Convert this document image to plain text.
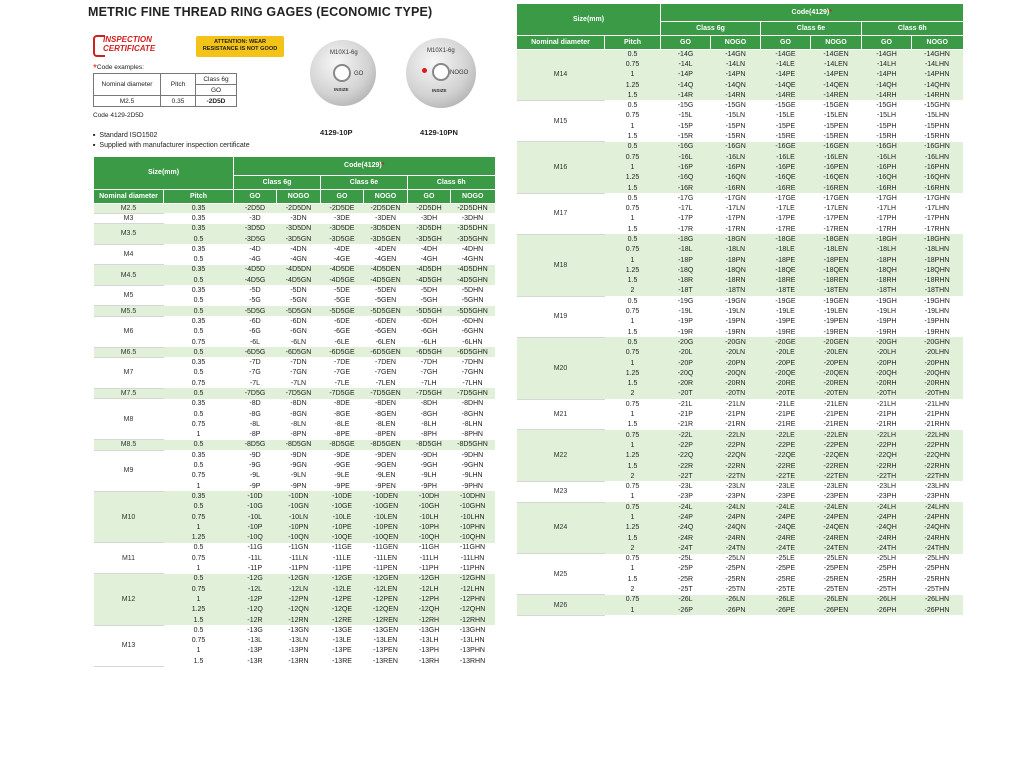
METRIC FINE THREAD RING GAGES (ECONOMIC TYPE)
INSPECTION
CERTIFICATE
ATTENTION: WEAR
RESISTANCE IS NOT GOOD
*Code examples:
Nominal diameter	Pitch	Class 6g
		GO
M2.5	0.35	-2D5D
Code 4129-2D5D
■ Standard ISO1502
■ Supplied with manufacturer inspection certificate
M10X1-6g
GO
INSIZE
4129-10P
M10X1-6g
NOGO
INSIZE
4129-10PN
Size(mm)		Code(4129)*					
		Class 6g		Class 6e		Class 6h	
Nominal diameter	Pitch	GO	NOGO	GO	NOGO	GO	NOGO
M2.5	0.35	-2D5D	-2D5DN	-2D5DE	-2D5DEN	-2D5DH	-2D5DHN
M3	0.35	-3D	-3DN	-3DE	-3DEN	-3DH	-3DHN
M3.5	0.35	-3D5D	-3D5DN	-3D5DE	-3D5DEN	-3D5DH	-3D5DHN
	0.5	-3D5G	-3D5GN	-3D5GE	-3D5GEN	-3D5GH	-3D5GHN
M4	0.35	-4D	-4DN	-4DE	-4DEN	-4DH	-4DHN
	0.5	-4G	-4GN	-4GE	-4GEN	-4GH	-4GHN
M4.5	0.35	-4D5D	-4D5DN	-4D5DE	-4D5DEN	-4D5DH	-4D5DHN
	0.5	-4D5G	-4D5GN	-4D5GE	-4D5GEN	-4D5GH	-4D5GHN
M5	0.35	-5D	-5DN	-5DE	-5DEN	-5DH	-5DHN
	0.5	-5G	-5GN	-5GE	-5GEN	-5GH	-5GHN
M5.5	0.5	-5D5G	-5D5GN	-5D5GE	-5D5GEN	-5D5GH	-5D5GHN
M6	0.35	-6D	-6DN	-6DE	-6DEN	-6DH	-6DHN
	0.5	-6G	-6GN	-6GE	-6GEN	-6GH	-6GHN
	0.75	-6L	-6LN	-6LE	-6LEN	-6LH	-6LHN
M6.5	0.5	-6D5G	-6D5GN	-6D5GE	-6D5GEN	-6D5GH	-6D5GHN
M7	0.35	-7D	-7DN	-7DE	-7DEN	-7DH	-7DHN
	0.5	-7G	-7GN	-7GE	-7GEN	-7GH	-7GHN
	0.75	-7L	-7LN	-7LE	-7LEN	-7LH	-7LHN
M7.5	0.5	-7D5G	-7D5GN	-7D5GE	-7D5GEN	-7D5GH	-7D5GHN
M8	0.35	-8D	-8DN	-8DE	-8DEN	-8DH	-8DHN
	0.5	-8G	-8GN	-8GE	-8GEN	-8GH	-8GHN
	0.75	-8L	-8LN	-8LE	-8LEN	-8LH	-8LHN
	1	-8P	-8PN	-8PE	-8PEN	-8PH	-8PHN
M8.5	0.5	-8D5G	-8D5GN	-8D5GE	-8D5GEN	-8D5GH	-8D5GHN
M9	0.35	-9D	-9DN	-9DE	-9DEN	-9DH	-9DHN
	0.5	-9G	-9GN	-9GE	-9GEN	-9GH	-9GHN
	0.75	-9L	-9LN	-9LE	-9LEN	-9LH	-9LHN
	1	-9P	-9PN	-9PE	-9PEN	-9PH	-9PHN
M10	0.35	-10D	-10DN	-10DE	-10DEN	-10DH	-10DHN
	0.5	-10G	-10GN	-10GE	-10GEN	-10GH	-10GHN
	0.75	-10L	-10LN	-10LE	-10LEN	-10LH	-10LHN
	1	-10P	-10PN	-10PE	-10PEN	-10PH	-10PHN
	1.25	-10Q	-10QN	-10QE	-10QEN	-10QH	-10QHN
M11	0.5	-11G	-11GN	-11GE	-11GEN	-11GH	-11GHN
	0.75	-11L	-11LN	-11LE	-11LEN	-11LH	-11LHN
	1	-11P	-11PN	-11PE	-11PEN	-11PH	-11PHN
M12	0.5	-12G	-12GN	-12GE	-12GEN	-12GH	-12GHN
	0.75	-12L	-12LN	-12LE	-12LEN	-12LH	-12LHN
	1	-12P	-12PN	-12PE	-12PEN	-12PH	-12PHN
	1.25	-12Q	-12QN	-12QE	-12QEN	-12QH	-12QHN
	1.5	-12R	-12RN	-12RE	-12REN	-12RH	-12RHN
M13	0.5	-13G	-13GN	-13GE	-13GEN	-13GH	-13GHN
	0.75	-13L	-13LN	-13LE	-13LEN	-13LH	-13LHN
	1	-13P	-13PN	-13PE	-13PEN	-13PH	-13PHN
	1.5	-13R	-13RN	-13RE	-13REN	-13RH	-13RHN
Size(mm)		Code(4129)*					
		Class 6g		Class 6e		Class 6h	
Nominal diameter	Pitch	GO	NOGO	GO	NOGO	GO	NOGO
M14	0.5	-14G	-14GN	-14GE	-14GEN	-14GH	-14GHN
	0.75	-14L	-14LN	-14LE	-14LEN	-14LH	-14LHN
	1	-14P	-14PN	-14PE	-14PEN	-14PH	-14PHN
	1.25	-14Q	-14QN	-14QE	-14QEN	-14QH	-14QHN
	1.5	-14R	-14RN	-14RE	-14REN	-14RH	-14RHN
M15	0.5	-15G	-15GN	-15GE	-15GEN	-15GH	-15GHN
	0.75	-15L	-15LN	-15LE	-15LEN	-15LH	-15LHN
	1	-15P	-15PN	-15PE	-15PEN	-15PH	-15PHN
	1.5	-15R	-15RN	-15RE	-15REN	-15RH	-15RHN
M16	0.5	-16G	-16GN	-16GE	-16GEN	-16GH	-16GHN
	0.75	-16L	-16LN	-16LE	-16LEN	-16LH	-16LHN
	1	-16P	-16PN	-16PE	-16PEN	-16PH	-16PHN
	1.25	-16Q	-16QN	-16QE	-16QEN	-16QH	-16QHN
	1.5	-16R	-16RN	-16RE	-16REN	-16RH	-16RHN
M17	0.5	-17G	-17GN	-17GE	-17GEN	-17GH	-17GHN
	0.75	-17L	-17LN	-17LE	-17LEN	-17LH	-17LHN
	1	-17P	-17PN	-17PE	-17PEN	-17PH	-17PHN
	1.5	-17R	-17RN	-17RE	-17REN	-17RH	-17RHN
M18	0.5	-18G	-18GN	-18GE	-18GEN	-18GH	-18GHN
	0.75	-18L	-18LN	-18LE	-18LEN	-18LH	-18LHN
	1	-18P	-18PN	-18PE	-18PEN	-18PH	-18PHN
	1.25	-18Q	-18QN	-18QE	-18QEN	-18QH	-18QHN
	1.5	-18R	-18RN	-18RE	-18REN	-18RH	-18RHN
	2	-18T	-18TN	-18TE	-18TEN	-18TH	-18THN
M19	0.5	-19G	-19GN	-19GE	-19GEN	-19GH	-19GHN
	0.75	-19L	-19LN	-19LE	-19LEN	-19LH	-19LHN
	1	-19P	-19PN	-19PE	-19PEN	-19PH	-19PHN
	1.5	-19R	-19RN	-19RE	-19REN	-19RH	-19RHN
M20	0.5	-20G	-20GN	-20GE	-20GEN	-20GH	-20GHN
	0.75	-20L	-20LN	-20LE	-20LEN	-20LH	-20LHN
	1	-20P	-20PN	-20PE	-20PEN	-20PH	-20PHN
	1.25	-20Q	-20QN	-20QE	-20QEN	-20QH	-20QHN
	1.5	-20R	-20RN	-20RE	-20REN	-20RH	-20RHN
	2	-20T	-20TN	-20TE	-20TEN	-20TH	-20THN
M21	0.75	-21L	-21LN	-21LE	-21LEN	-21LH	-21LHN
	1	-21P	-21PN	-21PE	-21PEN	-21PH	-21PHN
	1.5	-21R	-21RN	-21RE	-21REN	-21RH	-21RHN
M22	0.75	-22L	-22LN	-22LE	-22LEN	-22LH	-22LHN
	1	-22P	-22PN	-22PE	-22PEN	-22PH	-22PHN
	1.25	-22Q	-22QN	-22QE	-22QEN	-22QH	-22QHN
	1.5	-22R	-22RN	-22RE	-22REN	-22RH	-22RHN
	2	-22T	-22TN	-22TE	-22TEN	-22TH	-22THN
M23	0.75	-23L	-23LN	-23LE	-23LEN	-23LH	-23LHN
	1	-23P	-23PN	-23PE	-23PEN	-23PH	-23PHN
M24	0.75	-24L	-24LN	-24LE	-24LEN	-24LH	-24LHN
	1	-24P	-24PN	-24PE	-24PEN	-24PH	-24PHN
	1.25	-24Q	-24QN	-24QE	-24QEN	-24QH	-24QHN
	1.5	-24R	-24RN	-24RE	-24REN	-24RH	-24RHN
	2	-24T	-24TN	-24TE	-24TEN	-24TH	-24THN
M25	0.75	-25L	-25LN	-25LE	-25LEN	-25LH	-25LHN
	1	-25P	-25PN	-25PE	-25PEN	-25PH	-25PHN
	1.5	-25R	-25RN	-25RE	-25REN	-25RH	-25RHN
	2	-25T	-25TN	-25TE	-25TEN	-25TH	-25THN
M26	0.75	-26L	-26LN	-26LE	-26LEN	-26LH	-26LHN
	1	-26P	-26PN	-26PE	-26PEN	-26PH	-26PHN
